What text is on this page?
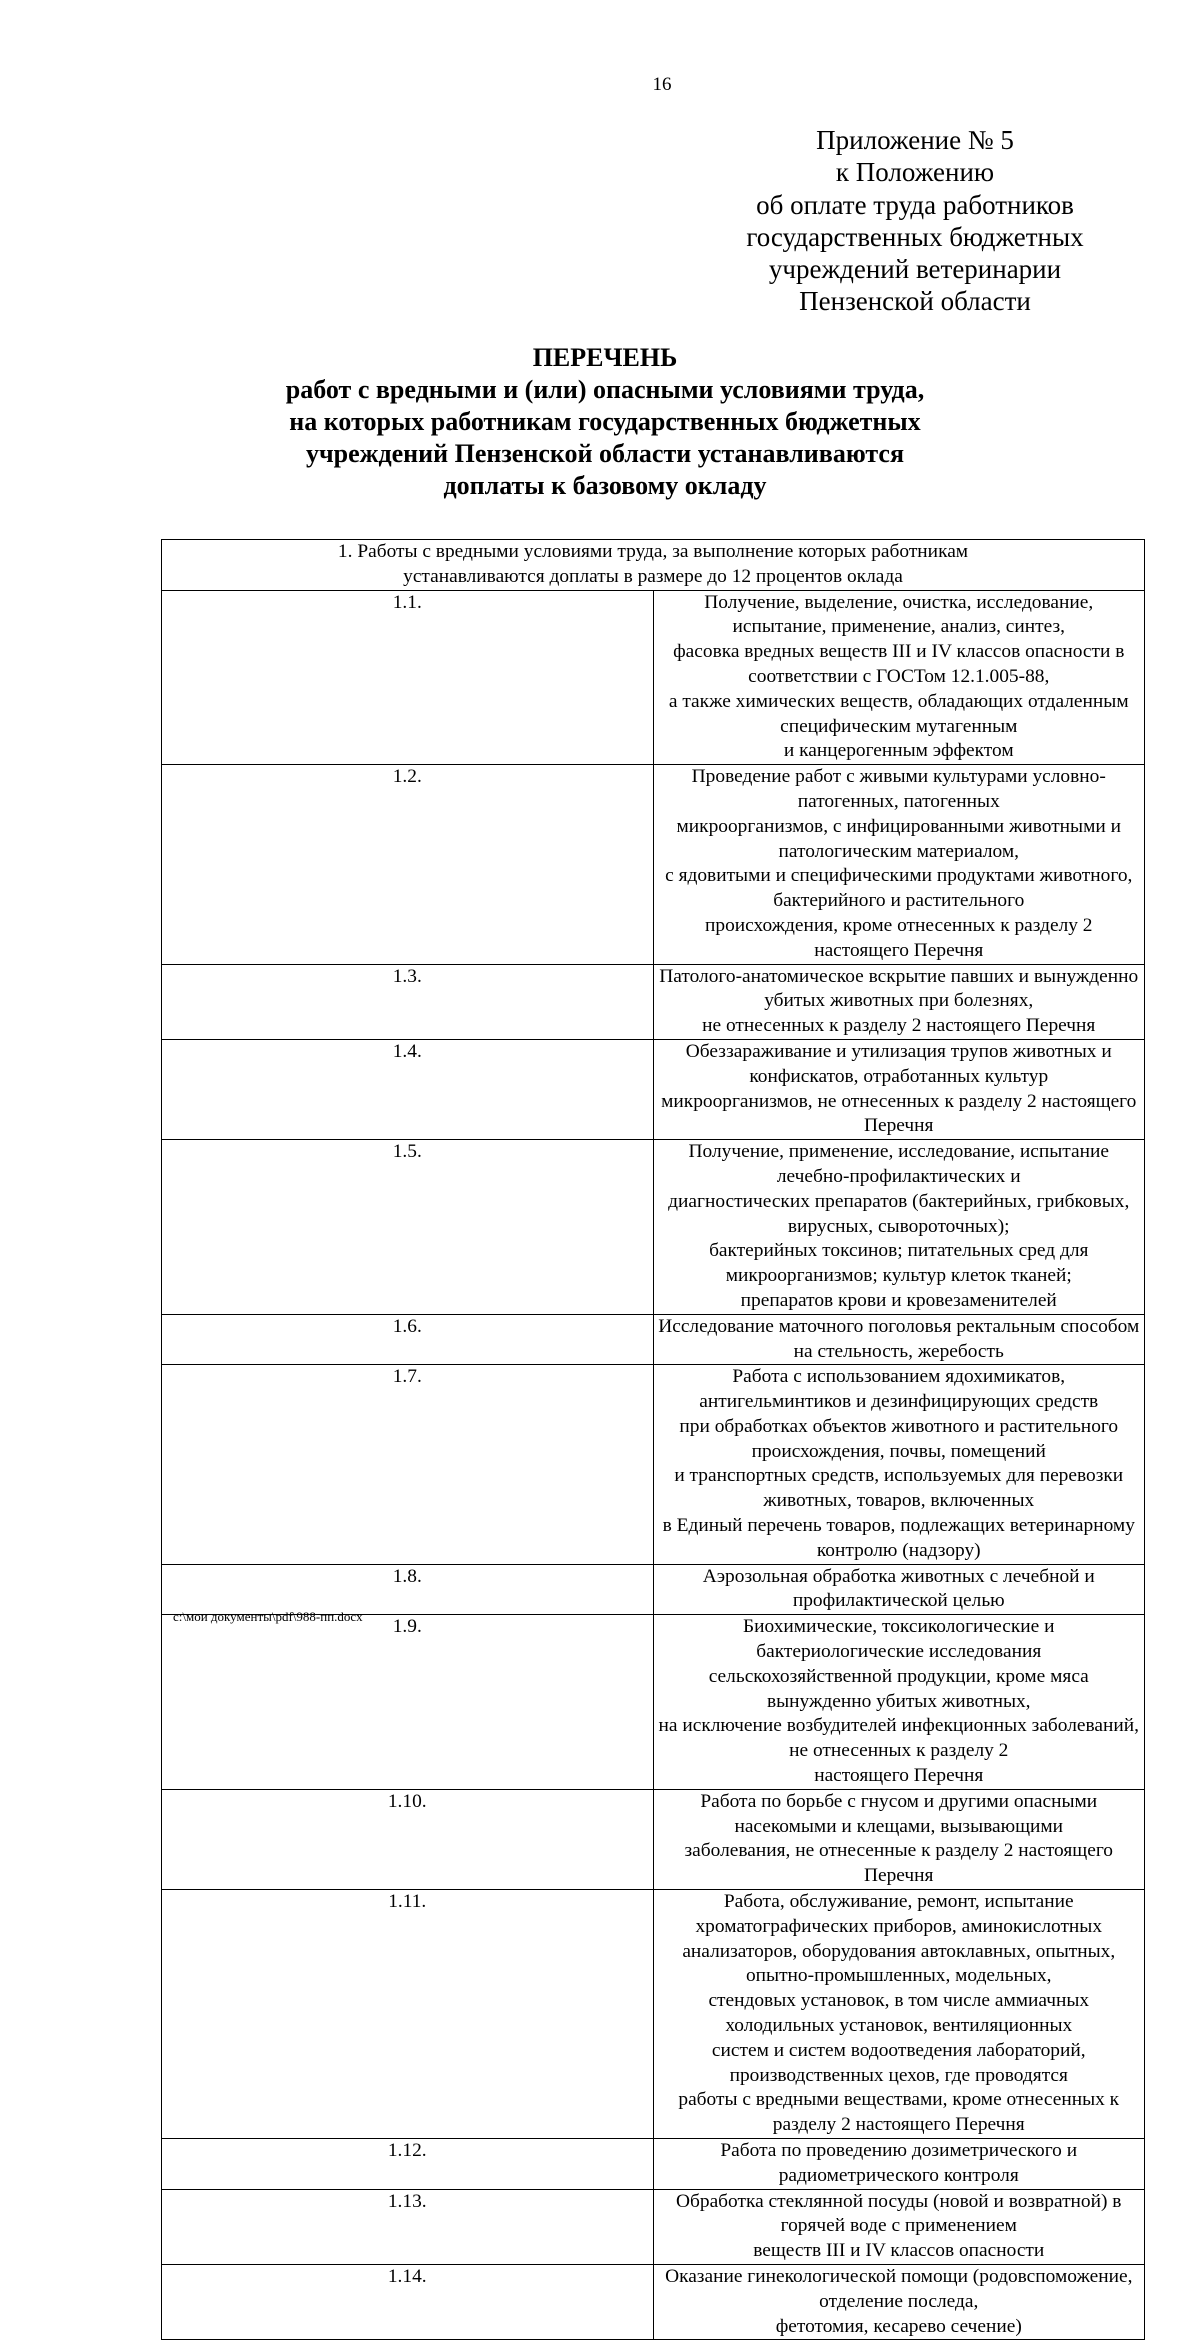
16
Приложение № 5
к Положению
об оплате труда работников
государственных бюджетных
учреждений ветеринарии
Пензенской области
ПЕРЕЧЕНЬ
работ с вредными и (или) опасными условиями труда,
на которых работникам государственных бюджетных
учреждений Пензенской области устанавливаются
доплаты к базовому окладу
1. Работы с вредными условиями труда, за выполнение которых работникам
устанавливаются доплаты в размере до 12 процентов оклада	

1.1.	Получение, выделение, очистка, исследование, испытание, применение, анализ, синтез,
фасовка вредных веществ III и IV классов опасности в соответствии с ГОСТом 12.1.005-88,
а также химических веществ, обладающих отдаленным специфическим мутагенным
и канцерогенным эффектом

1.2.	Проведение работ с живыми культурами условно-патогенных, патогенных
микроорганизмов, с инфицированными животными и патологическим материалом,
с ядовитыми и специфическими продуктами животного, бактерийного и растительного
происхождения, кроме отнесенных к разделу 2 настоящего Перечня

1.3.	Патолого-анатомическое вскрытие павших и вынужденно убитых животных при болезнях,
не отнесенных к разделу 2 настоящего Перечня

1.4.	Обеззараживание и утилизация трупов животных и конфискатов, отработанных культур
микроорганизмов, не отнесенных к разделу 2 настоящего Перечня

1.5.	Получение, применение, исследование, испытание лечебно-профилактических и
диагностических препаратов (бактерийных, грибковых, вирусных, сывороточных);
бактерийных токсинов; питательных сред для микроорганизмов; культур клеток тканей;
препаратов крови и кровезаменителей

1.6.	Исследование маточного поголовья ректальным способом на стельность, жеребость

1.7.	Работа с использованием ядохимикатов, антигельминтиков и дезинфицирующих средств
при обработках объектов животного и растительного происхождения, почвы, помещений
и транспортных средств, используемых для перевозки животных, товаров, включенных
в Единый перечень товаров, подлежащих ветеринарному контролю (надзору)

1.8.	Аэрозольная обработка животных с лечебной и профилактической целью

1.9.	Биохимические, токсикологические и бактериологические исследования
сельскохозяйственной продукции, кроме мяса вынужденно убитых животных,
на исключение возбудителей инфекционных заболеваний, не отнесенных к разделу 2
настоящего Перечня

1.10.	Работа по борьбе с гнусом и другими опасными насекомыми и клещами, вызывающими
заболевания, не отнесенные к разделу 2 настоящего Перечня

1.11.	Работа, обслуживание, ремонт, испытание хроматографических приборов, аминокислотных
анализаторов, оборудования автоклавных, опытных, опытно-промышленных, модельных,
стендовых установок, в том числе аммиачных холодильных установок, вентиляционных
систем и систем водоотведения лабораторий, производственных цехов, где проводятся
работы с вредными веществами, кроме отнесенных к разделу 2 настоящего Перечня

1.12.	Работа по проведению дозиметрического и радиометрического контроля

1.13.	Обработка стеклянной посуды (новой и возвратной) в горячей воде с применением
веществ III и IV классов опасности

1.14.	Оказание гинекологической помощи (родовспоможение, отделение последа,
фетотомия, кесарево сечение)
c:\мои документы\pdf\988-пп.docx
